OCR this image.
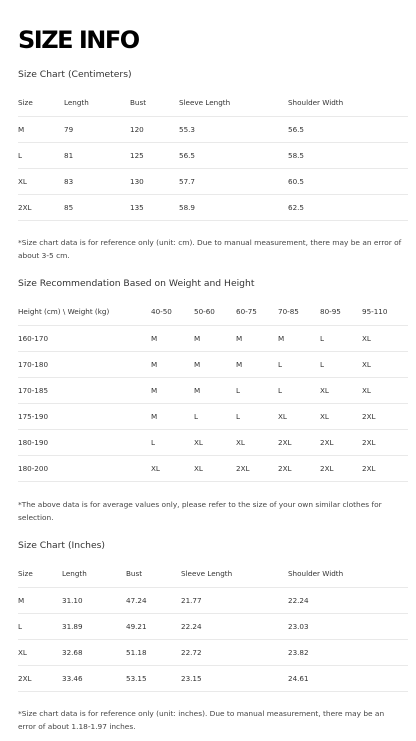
SIZE INFO
Size Chart (Centimeters)
Size	Length	Bust	Sleeve Length	Shoulder Width
M	79	120	55.3	56.5
L	81	125	56.5	58.5
XL	83	130	57.7	60.5
2XL	85	135	58.9	62.5
*Size chart data is for reference only (unit: cm). Due to manual measurement, there may be an error of about 3-5 cm.
Size Recommendation Based on Weight and Height
Height (cm) \ Weight (kg)	40-50	50-60	60-75	70-85	80-95	95-110
160-170	M	M	M	M	L	XL
170-180	M	M	M	L	L	XL
170-185	M	M	L	L	XL	XL
175-190	M	L	L	XL	XL	2XL
180-190	L	XL	XL	2XL	2XL	2XL
180-200	XL	XL	2XL	2XL	2XL	2XL
*The above data is for average values only, please refer to the size of your own similar clothes for selection.
Size Chart (Inches)
Size	Length	Bust	Sleeve Length	Shoulder Width
M	31.10	47.24	21.77	22.24
L	31.89	49.21	22.24	23.03
XL	32.68	51.18	22.72	23.82
2XL	33.46	53.15	23.15	24.61
*Size chart data is for reference only (unit: inches). Due to manual measurement, there may be an error of about 1.18-1.97 inches.
